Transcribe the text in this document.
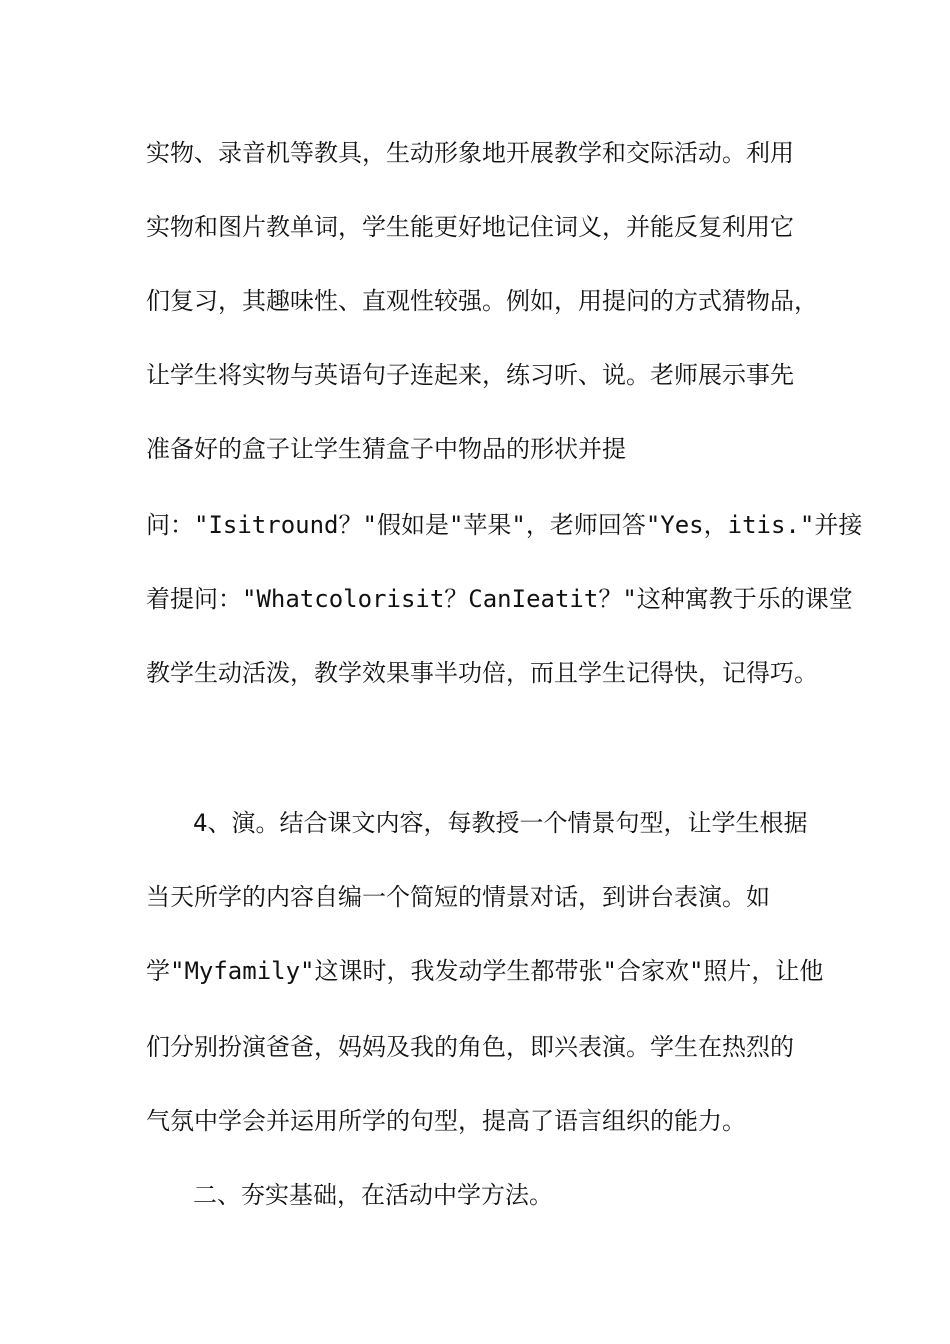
实物、录音机等教具，生动形象地开展教学和交际活动。利用
实物和图片教单词，学生能更好地记住词义，并能反复利用它
们复习，其趣味性、直观性较强。例如，用提问的方式猜物品，
让学生将实物与英语句子连起来，练习听、说。老师展示事先
准备好的盒子让学生猜盒子中物品的形状并提
问："Isitround？"假如是"苹果"，老师回答"Yes，itis."并接
着提问："Whatcolorisit？CanIeatit？"这种寓教于乐的课堂
教学生动活泼，教学效果事半功倍，而且学生记得快，记得巧。
4、演。结合课文内容，每教授一个情景句型，让学生根据
当天所学的内容自编一个简短的情景对话，到讲台表演。如
学"Myfamily"这课时，我发动学生都带张"合家欢"照片，让他
们分别扮演爸爸，妈妈及我的角色，即兴表演。学生在热烈的
气氛中学会并运用所学的句型，提高了语言组织的能力。
二、夯实基础，在活动中学方法。
